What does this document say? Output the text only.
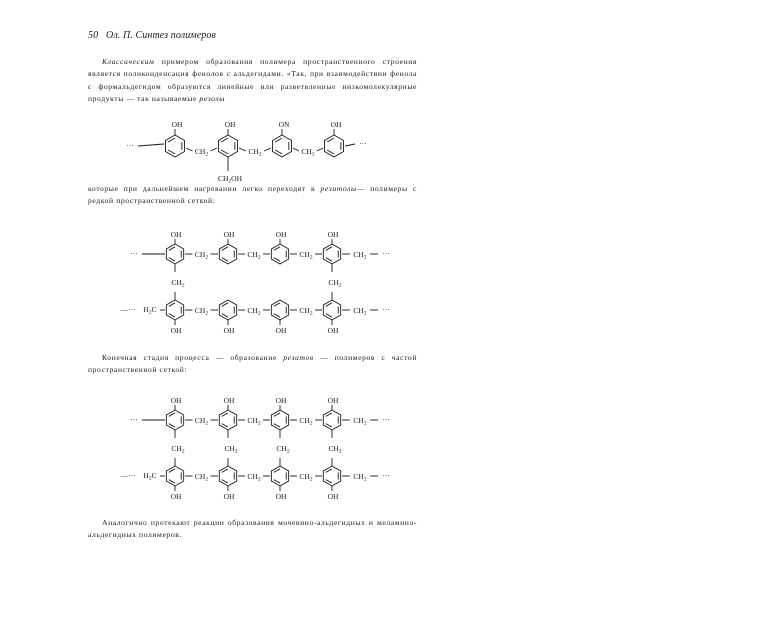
50 Ол. П. Синтез полимеров

Классическим примером образования полимера пространственного строения является поликонденсация фенолов с альдегидами. «Так, при взаимодействии фенола с формальдегидом образуются линейные или разветвленные низкомолекулярные продукты — так называемые резолы

···
OH
$CH_2$
OH
$CH_2$
ON
$CH_2$
OH
···
$CH_2OH$

которые при дальнейшем нагревании легко переходят в резитолы— полимеры с редкой пространственной сеткой:

···
OH
$CH_2$
OH
$CH_2$
OH
$CH_2$
OH
$CH_2$ ···
—··· $H_2C$
OH
$CH_2$
OH
$CH_2$
OH
$CH_2$
OH
$CH_2$ ···
$CH_2$	$CH_2$

Конечная стадия процесса — образование резитов — полимеров с частой пространственной сеткой:

···
OH
$CH_2$
OH
$CH_2$
OH
$CH_2$
OH
$CH_2$ ···
—··· $H_2C$
OH
$CH_2$
OH
$CH_2$
OH
$CH_2$
OH
$CH_2$ ···
$CH_2$	$CH_2$	$CH_2$	$CH_2$

Аналогично протекают реакции образования мочевино-альдегидных и меламино-альдегидных полимеров.
